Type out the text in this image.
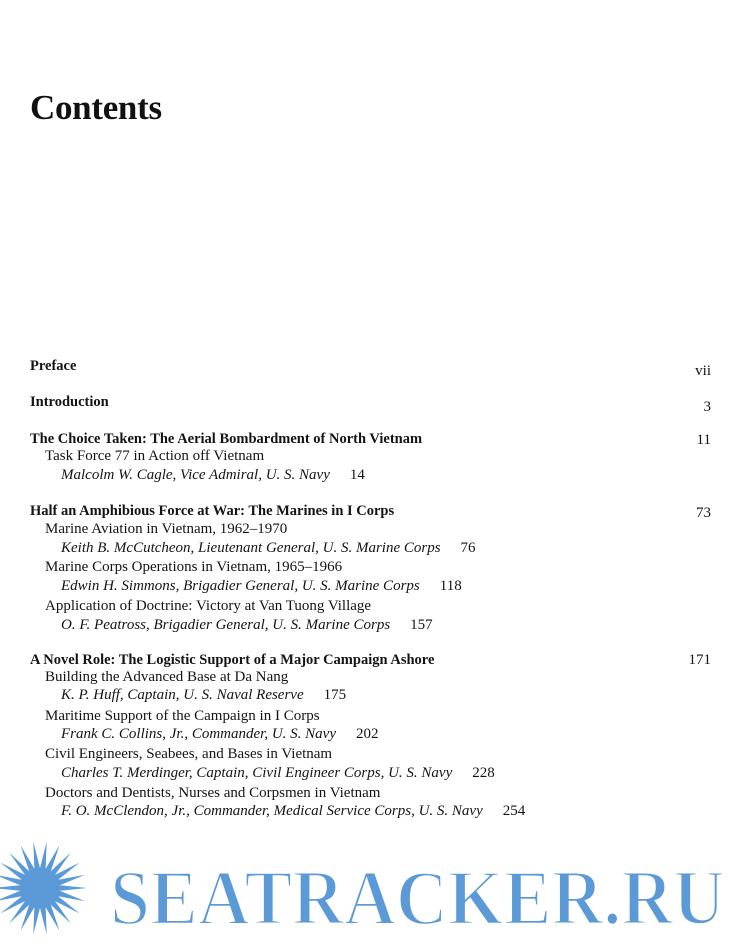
Contents
Preface	vii
Introduction	3
The Choice Taken: The Aerial Bombardment of North Vietnam	11
Task Force 77 in Action off Vietnam
Malcolm W. Cagle, Vice Admiral, U. S. Navy 14
Half an Amphibious Force at War: The Marines in I Corps	73
Marine Aviation in Vietnam, 1962–1970
Keith B. McCutcheon, Lieutenant General, U. S. Marine Corps 76
Marine Corps Operations in Vietnam, 1965–1966
Edwin H. Simmons, Brigadier General, U. S. Marine Corps 118
Application of Doctrine: Victory at Van Tuong Village
O. F. Peatross, Brigadier General, U. S. Marine Corps 157
A Novel Role: The Logistic Support of a Major Campaign Ashore	171
Building the Advanced Base at Da Nang
K. P. Huff, Captain, U. S. Naval Reserve 175
Maritime Support of the Campaign in I Corps
Frank C. Collins, Jr., Commander, U. S. Navy 202
Civil Engineers, Seabees, and Bases in Vietnam
Charles T. Merdinger, Captain, Civil Engineer Corps, U. S. Navy 228
Doctors and Dentists, Nurses and Corpsmen in Vietnam
F. O. McClendon, Jr., Commander, Medical Service Corps, U. S. Navy 254
SEATRACKER.RU
